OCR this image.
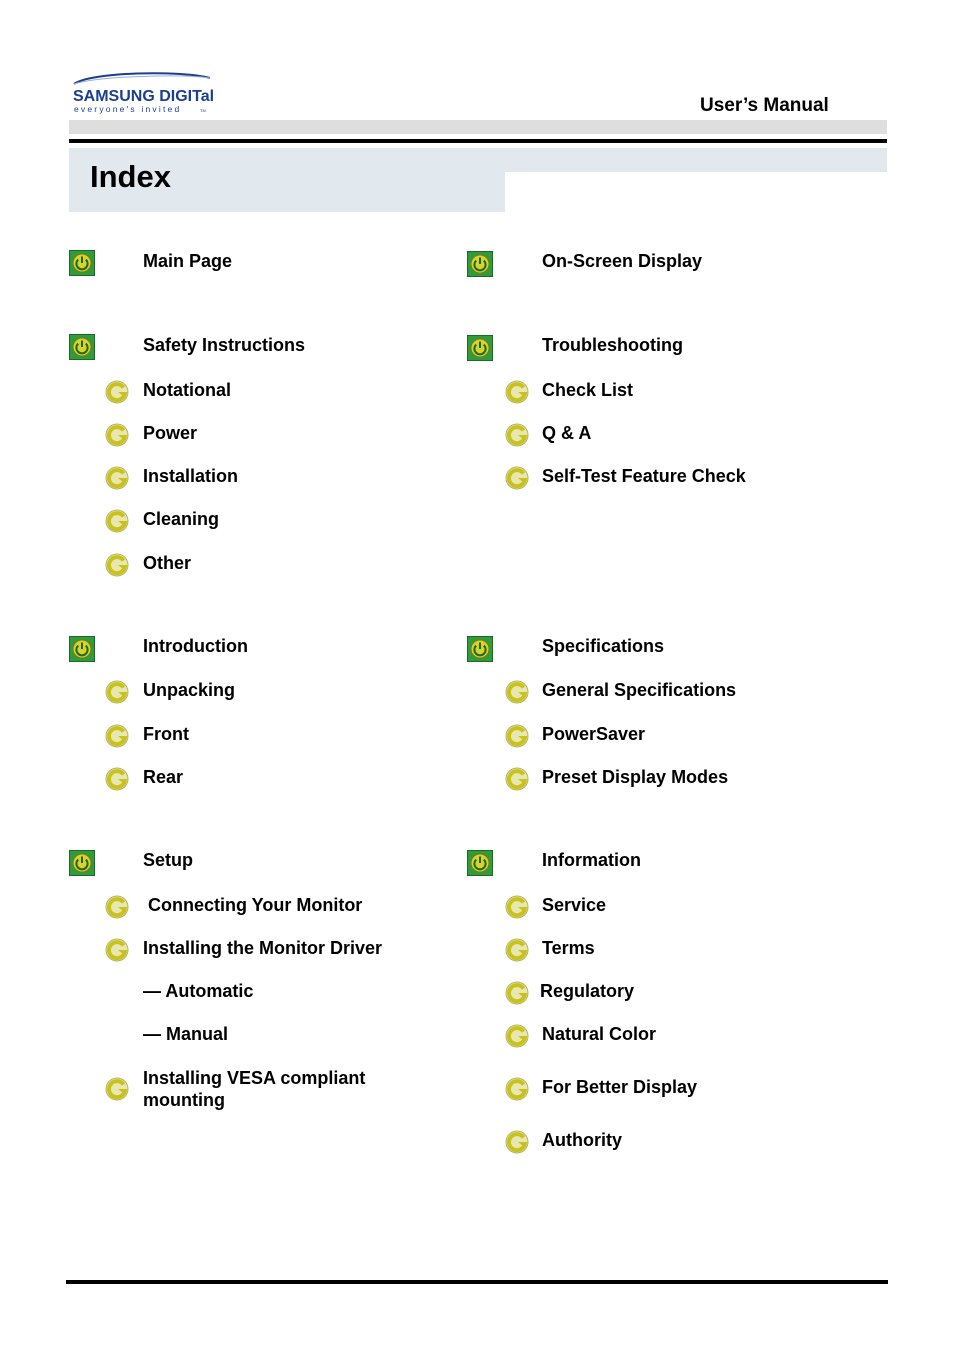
SAMSUNG DIGITall
everyone's invited	TM	User’s Manual
Index
Main Page
Safety Instructions
Notational
Power
Installation
Cleaning
Other
Introduction
Unpacking
Front
Rear
Setup
Connecting Your Monitor
Installing the Monitor Driver
— Automatic
— Manual
Installing VESA compliant mounting
On-Screen Display
Troubleshooting
Check List
Q & A
Self-Test Feature Check
Specifications
General Specifications
PowerSaver
Preset Display Modes
Information
Service
Terms
Regulatory
Natural Color
For Better Display
Authority
